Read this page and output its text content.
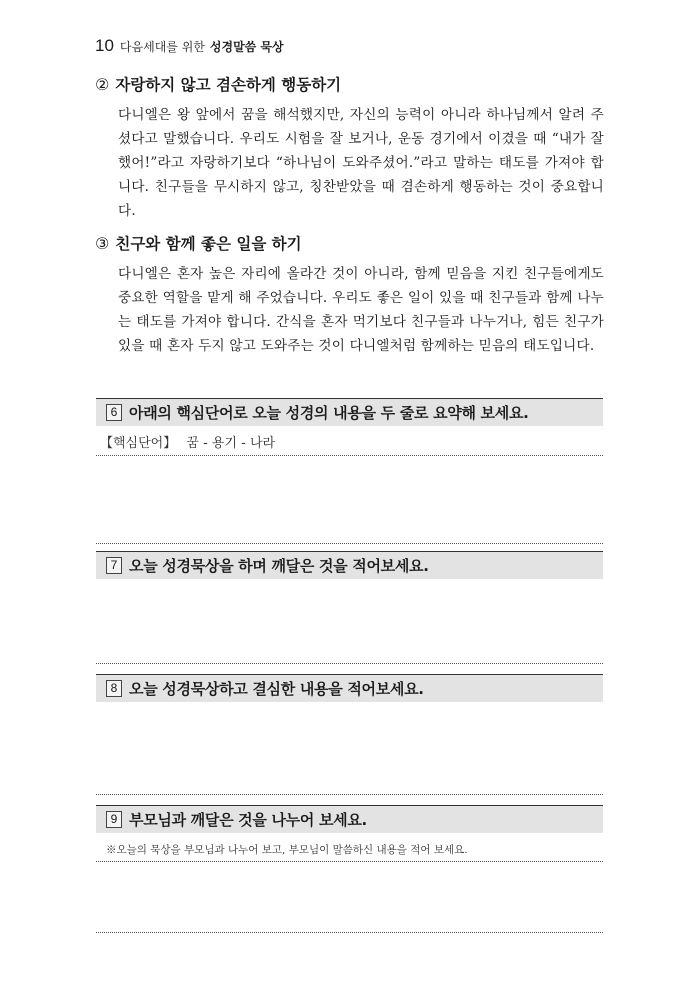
10 다음세대를 위한 성경말씀 묵상
② 자랑하지 않고 겸손하게 행동하기
다니엘은 왕 앞에서 꿈을 해석했지만, 자신의 능력이 아니라 하나님께서 알려 주셨다고 말했습니다. 우리도 시험을 잘 보거나, 운동 경기에서 이겼을 때 “내가 잘했어!”라고 자랑하기보다 “하나님이 도와주셨어.”라고 말하는 태도를 가져야 합니다. 친구들을 무시하지 않고, 칭찬받았을 때 겸손하게 행동하는 것이 중요합니다.
③ 친구와 함께 좋은 일을 하기
다니엘은 혼자 높은 자리에 올라간 것이 아니라, 함께 믿음을 지킨 친구들에게도 중요한 역할을 맡게 해 주었습니다. 우리도 좋은 일이 있을 때 친구들과 함께 나누는 태도를 가져야 합니다. 간식을 혼자 먹기보다 친구들과 나누거나, 힘든 친구가 있을 때 혼자 두지 않고 도와주는 것이 다니엘처럼 함께하는 믿음의 태도입니다.
6 아래의 핵심단어로 오늘 성경의 내용을 두 줄로 요약해 보세요.
【핵심단어】 꿈 - 용기 - 나라
7 오늘 성경묵상을 하며 깨달은 것을 적어보세요.
8 오늘 성경묵상하고 결심한 내용을 적어보세요.
9 부모님과 깨달은 것을 나누어 보세요.
※오늘의 묵상을 부모님과 나누어 보고, 부모님이 말씀하신 내용을 적어 보세요.
